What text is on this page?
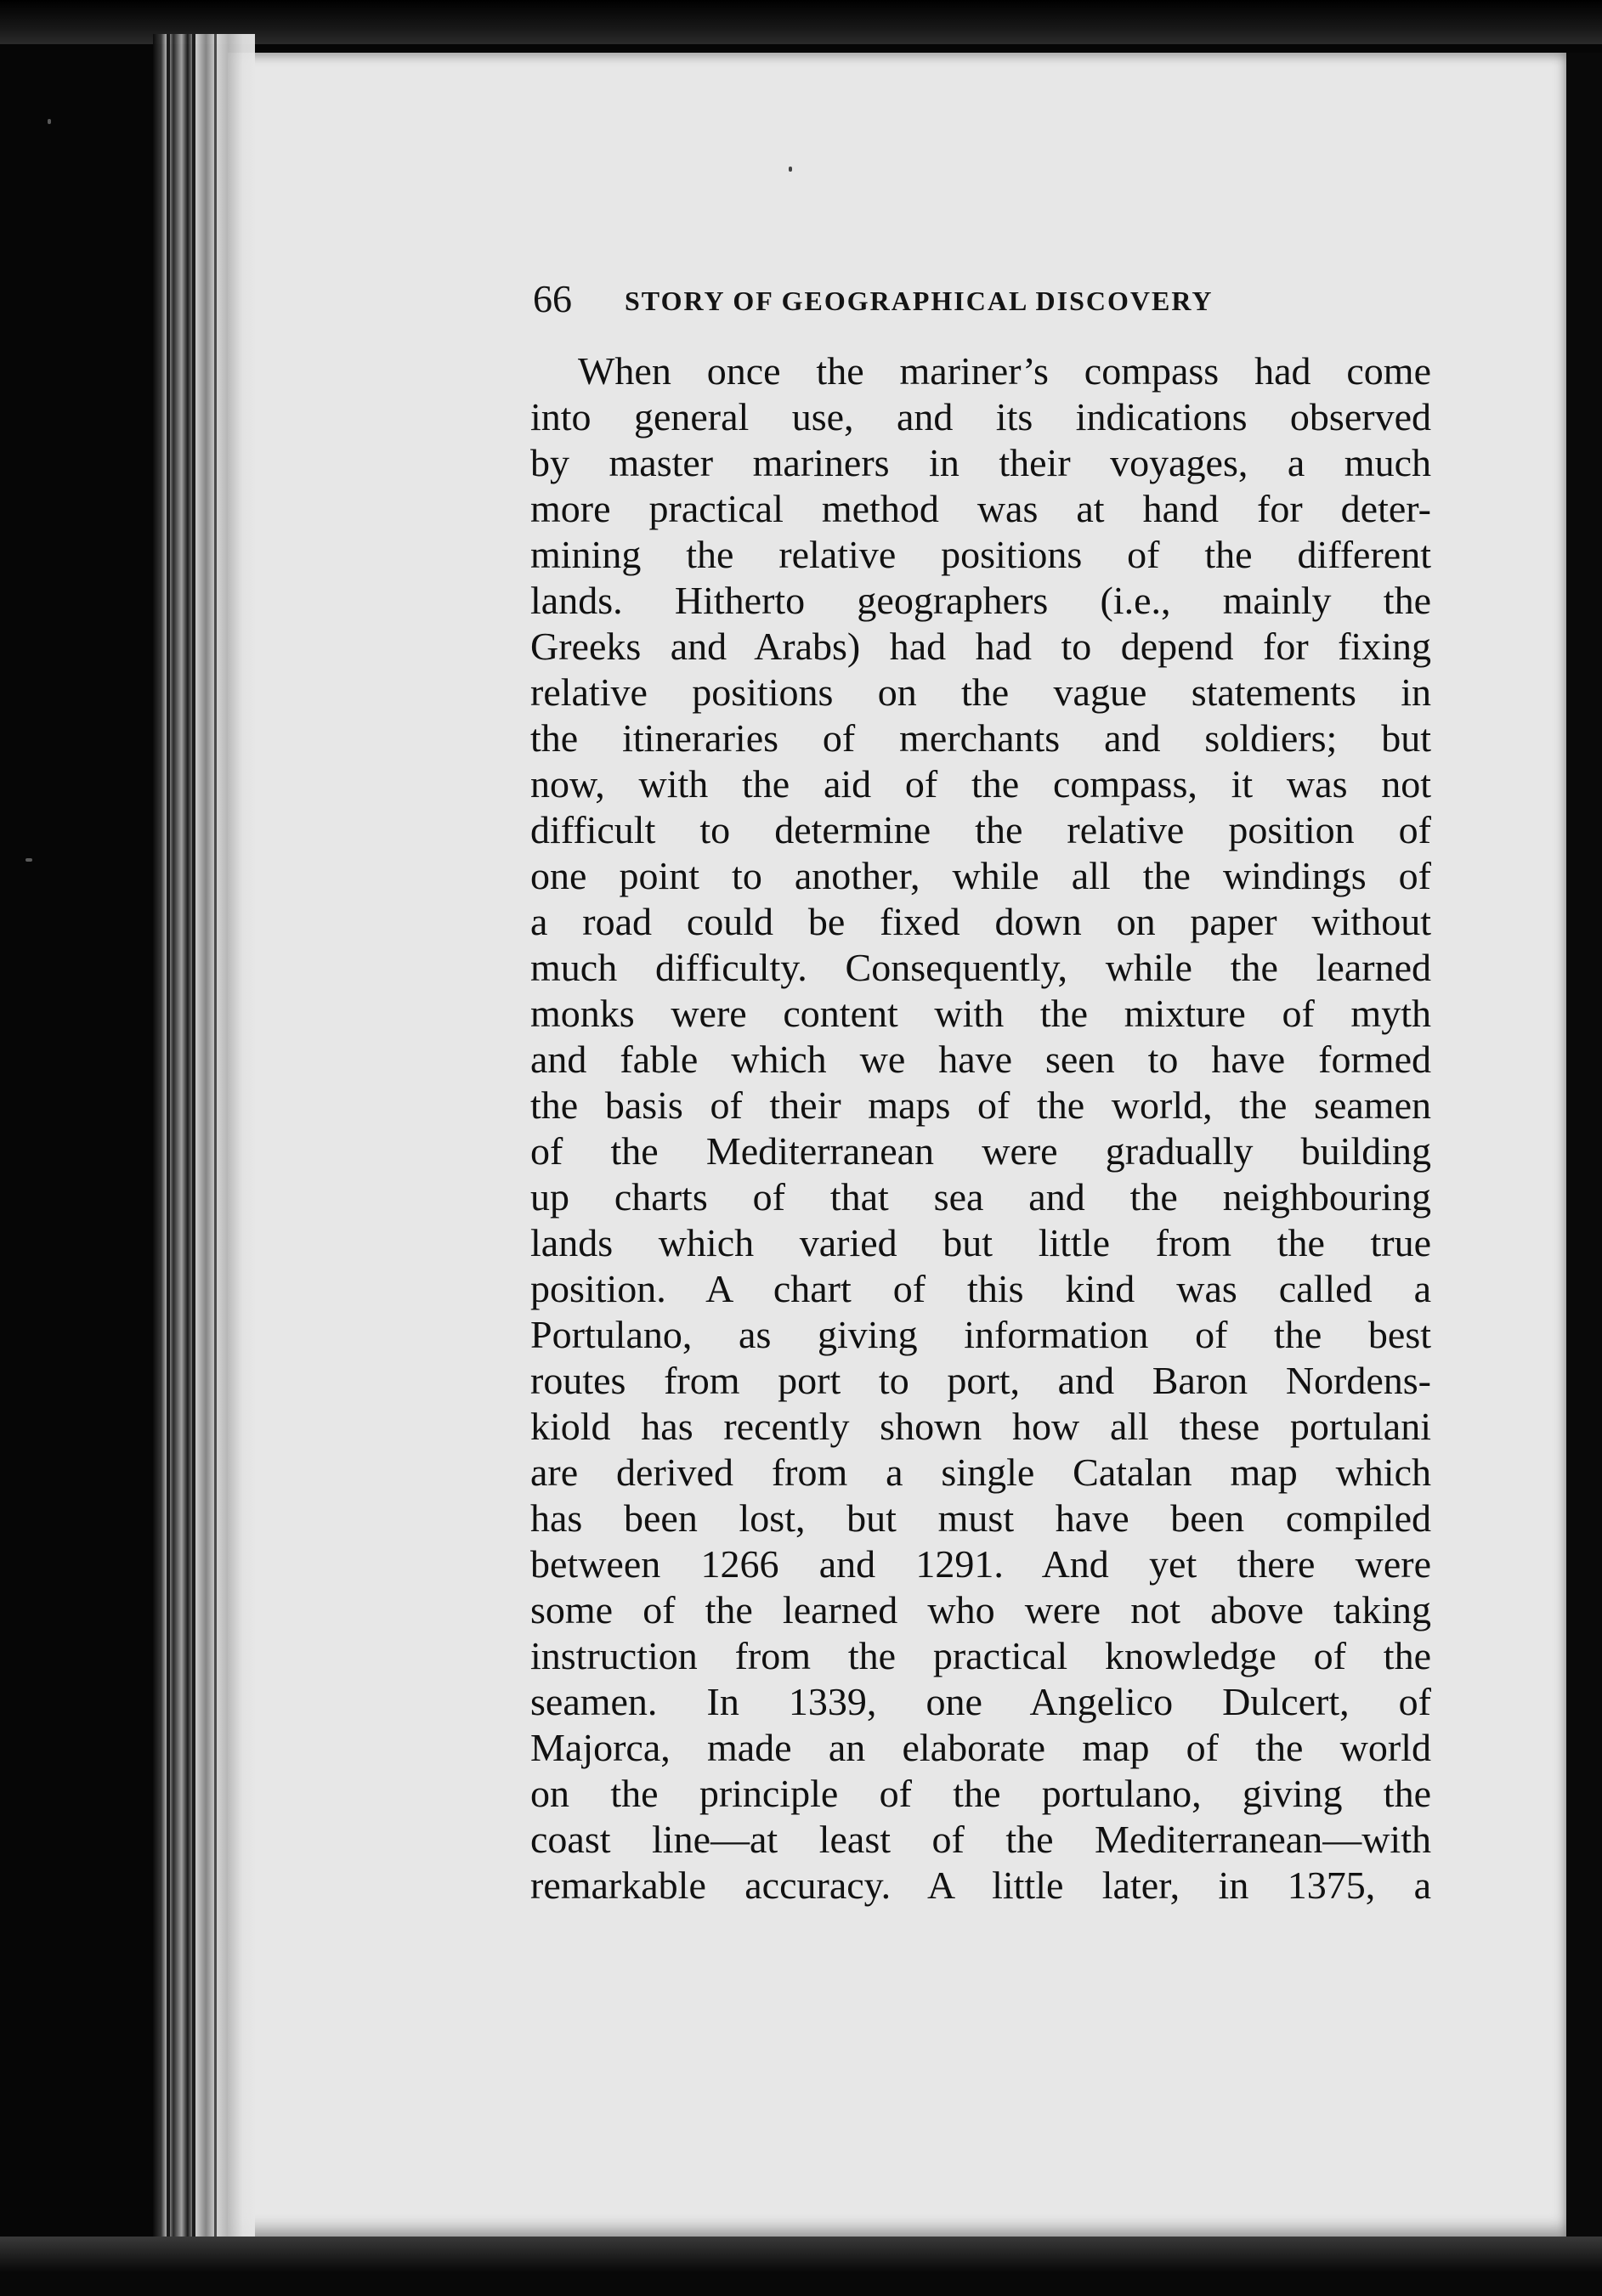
66 STORY OF GEOGRAPHICAL DISCOVERY
When once the mariner’s compass had come
into general use, and its indications observed
by master mariners in their voyages, a much
more practical method was at hand for deter-
mining the relative positions of the different
lands. Hitherto geographers (i.e., mainly the
Greeks and Arabs) had had to depend for fixing
relative positions on the vague statements in
the itineraries of merchants and soldiers; but
now, with the aid of the compass, it was not
difficult to determine the relative position of
one point to another, while all the windings of
a road could be fixed down on paper without
much difficulty. Consequently, while the learned
monks were content with the mixture of myth
and fable which we have seen to have formed
the basis of their maps of the world, the seamen
of the Mediterranean were gradually building
up charts of that sea and the neighbouring
lands which varied but little from the true
position. A chart of this kind was called a
Portulano, as giving information of the best
routes from port to port, and Baron Nordens-
kiold has recently shown how all these portulani
are derived from a single Catalan map which
has been lost, but must have been compiled
between 1266 and 1291. And yet there were
some of the learned who were not above taking
instruction from the practical knowledge of the
seamen. In 1339, one Angelico Dulcert, of
Majorca, made an elaborate map of the world
on the principle of the portulano, giving the
coast line—at least of the Mediterranean—with
remarkable accuracy. A little later, in 1375, a
